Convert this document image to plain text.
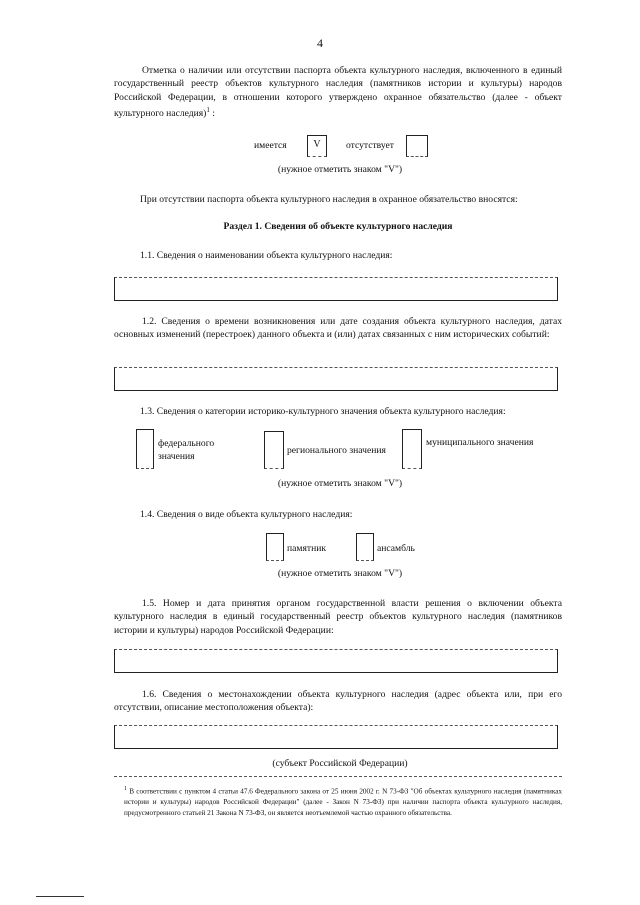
4
Отметка о наличии или отсутствии паспорта объекта культурного наследия, включенного в единый государственный реестр объектов культурного наследия (памятников истории и культуры) народов Российской Федерации, в отношении которого утверждено охранное обязательство (далее - объект культурного наследия)$^1$ :
имеется	V	отсутствует
(нужное отметить знаком "V")
При отсутствии паспорта объекта культурного наследия в охранное обязательство вносятся:
Раздел 1. Сведения об объекте культурного наследия
1.1. Сведения о наименовании объекта культурного наследия:
1.2. Сведения о времени возникновения или дате создания объекта культурного наследия, датах основных изменений (перестроек) данного объекта и (или) датах связанных с ним исторических событий:
1.3. Сведения о категории историко-культурного значения объекта культурного наследия:
федерального
значения
регионального значения
муниципального значения
(нужное отметить знаком "V")
1.4. Сведения о виде объекта культурного наследия:
памятник	ансамбль
(нужное отметить знаком "V")
1.5. Номер и дата принятия органом государственной власти решения о включении объекта культурного наследия в единый государственный реестр объектов культурного наследия (памятников истории и культуры) народов Российской Федерации:
1.6. Сведения о местонахождении объекта культурного наследия (адрес объекта или, при его отсутствии, описание местоположения объекта):
(субъект Российской Федерации)
$^1$ В соответствии с пунктом 4 статьи 47.6 Федерального закона от 25 июня 2002 г. N 73-ФЗ "Об объектах культурного наследия (памятниках истории и культуры) народов Российской Федерации" (далее - Закон N 73-ФЗ) при наличии паспорта объекта культурного наследия, предусмотренного статьей 21 Закона N 73-ФЗ, он является неотъемлемой частью охранного обязательства.
